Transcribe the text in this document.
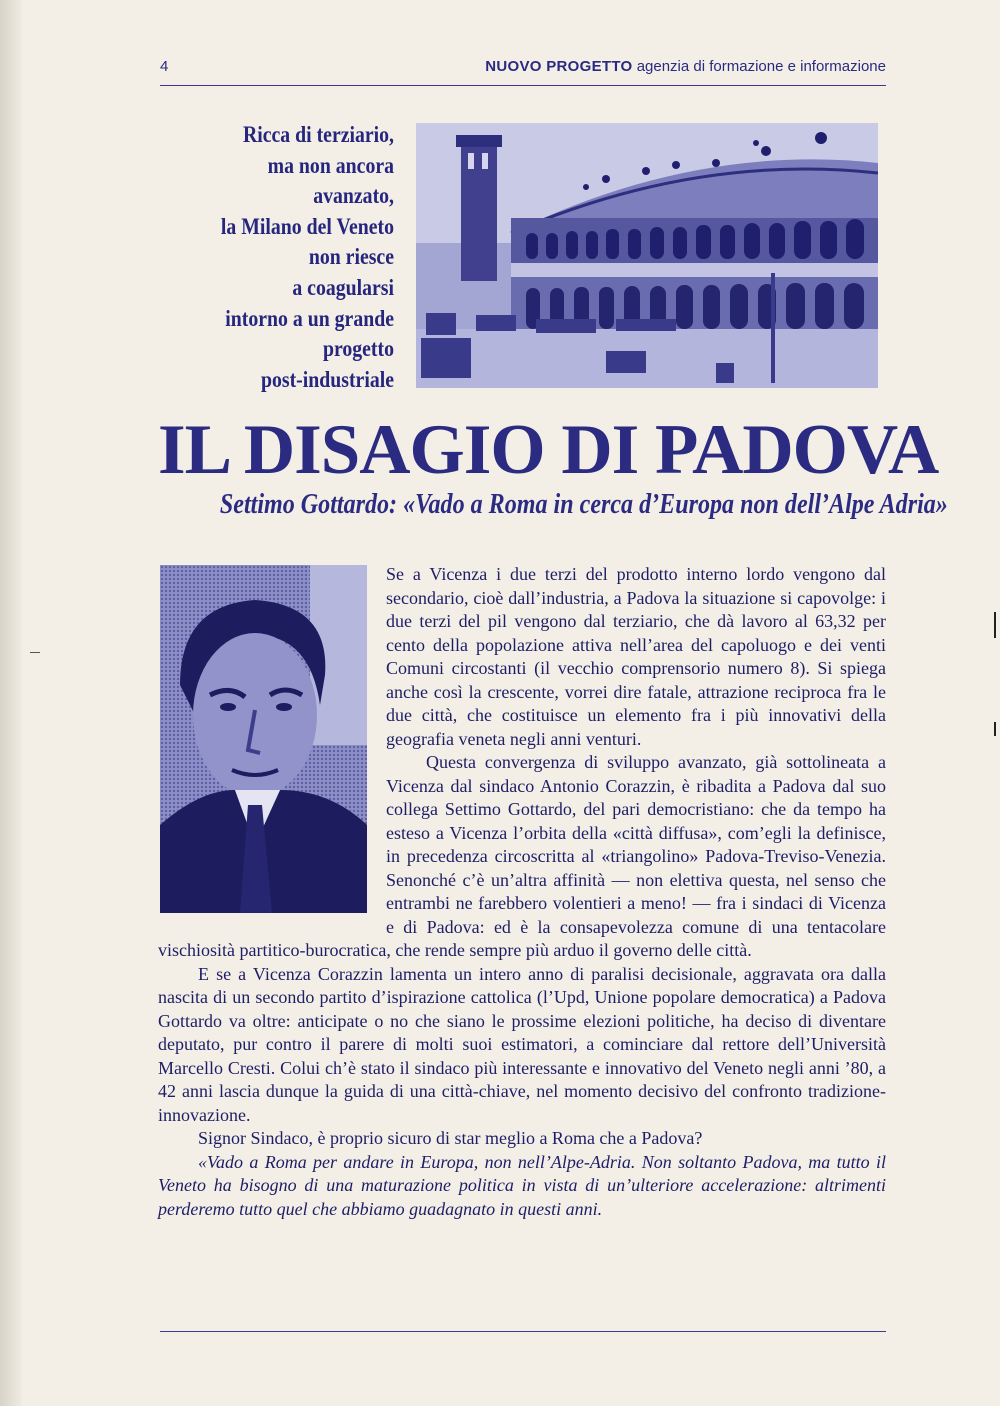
4	NUOVO PROGETTO agenzia di formazione e informazione
Ricca di terziario,
ma non ancora
avanzato,
la Milano del Veneto
non riesce
a coagularsi
intorno a un grande
progetto
post-industriale
IL DISAGIO DI PADOVA
Settimo Gottardo: «Vado a Roma in cerca d’Europa non dell’Alpe Adria»

Se a Vicenza i due terzi del prodotto interno lordo vengono dal secondario, cioè dall’industria, a Padova la situazione si capovolge: i due terzi del pil vengono dal terziario, che dà lavoro al 63,32 per cento della popolazione attiva nell’area del capoluogo e dei venti Comuni circostanti (il vecchio comprensorio numero 8). Si spiega anche così la crescente, vorrei dire fatale, attrazione reciproca fra le due città, che costituisce un elemento fra i più innovativi della geografia veneta negli anni venturi.

Questa convergenza di sviluppo avanzato, già sottolineata a Vicenza dal sindaco Antonio Corazzin, è ribadita a Padova dal suo collega Settimo Gottardo, del pari democristiano: che da tempo ha esteso a Vicenza l’orbita della «città diffusa», com’egli la definisce, in precedenza circoscritta al «triangolino» Padova-Treviso-Venezia. Senonché c’è un’altra affinità — non elettiva questa, nel senso che entrambi ne farebbero volentieri a meno! — fra i sindaci di Vicenza e di Padova: ed è la consapevolezza comune di una tentacolare vischiosità partitico-burocratica, che rende sempre più arduo il governo delle città.

E se a Vicenza Corazzin lamenta un intero anno di paralisi decisionale, aggravata ora dalla nascita di un secondo partito d’ispirazione cattolica (l’Upd, Unione popolare democratica) a Padova Gottardo va oltre: anticipate o no che siano le prossime elezioni politiche, ha deciso di diventare deputato, pur contro il parere di molti suoi estimatori, a cominciare dal rettore dell’Università Marcello Cresti. Colui ch’è stato il sindaco più interessante e innovativo del Veneto negli anni ’80, a 42 anni lascia dunque la guida di una città-chiave, nel momento decisivo del confronto tradizione-innovazione.

Signor Sindaco, è proprio sicuro di star meglio a Roma che a Padova?

«Vado a Roma per andare in Europa, non nell’Alpe-Adria. Non soltanto Padova, ma tutto il Veneto ha bisogno di una maturazione politica in vista di un’ulteriore accelerazione: altrimenti perderemo tutto quel che abbiamo guadagnato in questi anni.
